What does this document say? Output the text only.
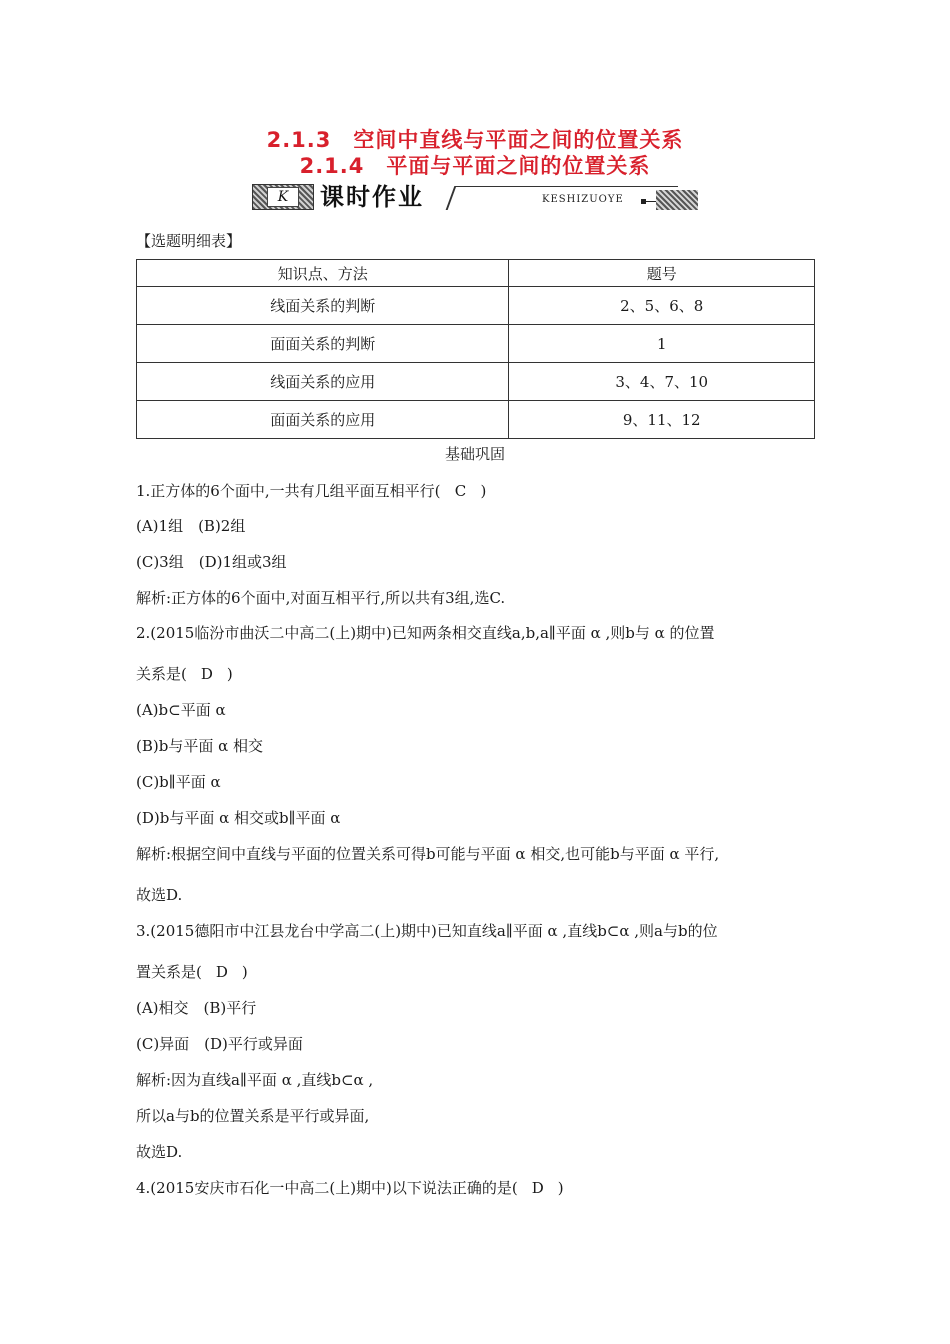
2.1.3　空间中直线与平面之间的位置关系
2.1.4　平面与平面之间的位置关系
K	课时作业	KESHIZUOYE
【选题明细表】
知识点、方法	题号
线面关系的判断	2、5、6、8
面面关系的判断	1
线面关系的应用	3、4、7、10
面面关系的应用	9、11、12
基础巩固
1.正方体的6个面中,一共有几组平面互相平行( C )
(A)1组　(B)2组
(C)3组　(D)1组或3组
解析:正方体的6个面中,对面互相平行,所以共有3组,选C.
2.(2015临汾市曲沃二中高二(上)期中)已知两条相交直线a,b,a∥平面 α ,则b与 α 的位置
关系是( D )
(A)b⊂平面 α
(B)b与平面 α 相交
(C)b∥平面 α
(D)b与平面 α 相交或b∥平面 α
解析:根据空间中直线与平面的位置关系可得b可能与平面 α 相交,也可能b与平面 α 平行,
故选D.
3.(2015德阳市中江县龙台中学高二(上)期中)已知直线a∥平面 α ,直线b⊂α ,则a与b的位
置关系是( D )
(A)相交　(B)平行
(C)异面　(D)平行或异面
解析:因为直线a∥平面 α ,直线b⊂α ,
所以a与b的位置关系是平行或异面,
故选D.
4.(2015安庆市石化一中高二(上)期中)以下说法正确的是( D )
